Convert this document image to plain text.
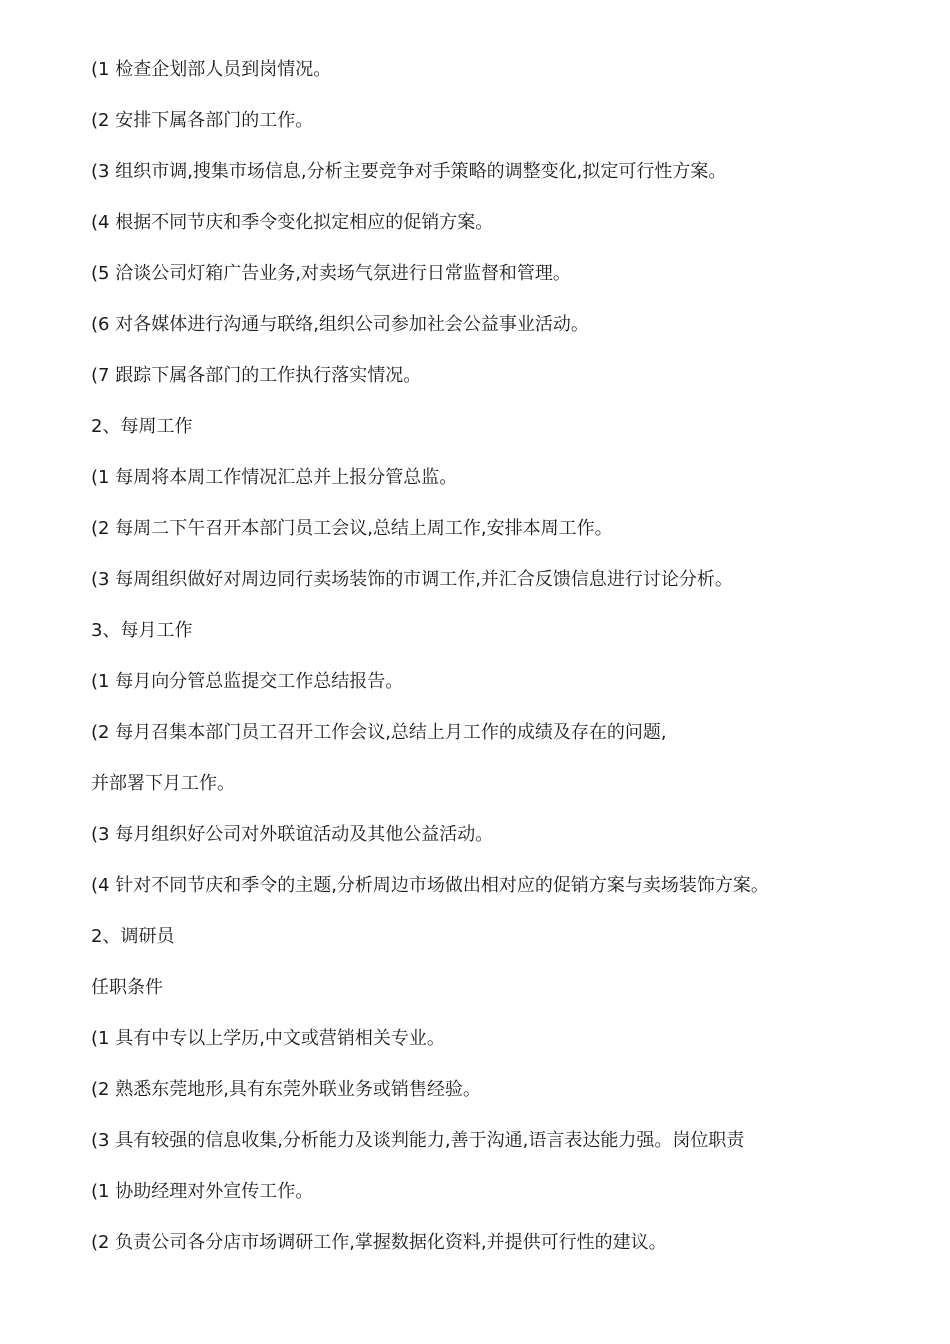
(1 检查企划部人员到岗情况。
(2 安排下属各部门的工作。
(3 组织市调,搜集市场信息,分析主要竞争对手策略的调整变化,拟定可行性方案。
(4 根据不同节庆和季令变化拟定相应的促销方案。
(5 洽谈公司灯箱广告业务,对卖场气氛进行日常监督和管理。
(6 对各媒体进行沟通与联络,组织公司参加社会公益事业活动。
(7 跟踪下属各部门的工作执行落实情况。
2、每周工作
(1 每周将本周工作情况汇总并上报分管总监。
(2 每周二下午召开本部门员工会议,总结上周工作,安排本周工作。
(3 每周组织做好对周边同行卖场装饰的市调工作,并汇合反馈信息进行讨论分析。
3、每月工作
(1 每月向分管总监提交工作总结报告。
(2 每月召集本部门员工召开工作会议,总结上月工作的成绩及存在的问题,
并部署下月工作。
(3 每月组织好公司对外联谊活动及其他公益活动。
(4 针对不同节庆和季令的主题,分析周边市场做出相对应的促销方案与卖场装饰方案。
2、调研员
任职条件
(1 具有中专以上学历,中文或营销相关专业。
(2 熟悉东莞地形,具有东莞外联业务或销售经验。
(3 具有较强的信息收集,分析能力及谈判能力,善于沟通,语言表达能力强。岗位职责
(1 协助经理对外宣传工作。
(2 负责公司各分店市场调研工作,掌握数据化资料,并提供可行性的建议。
